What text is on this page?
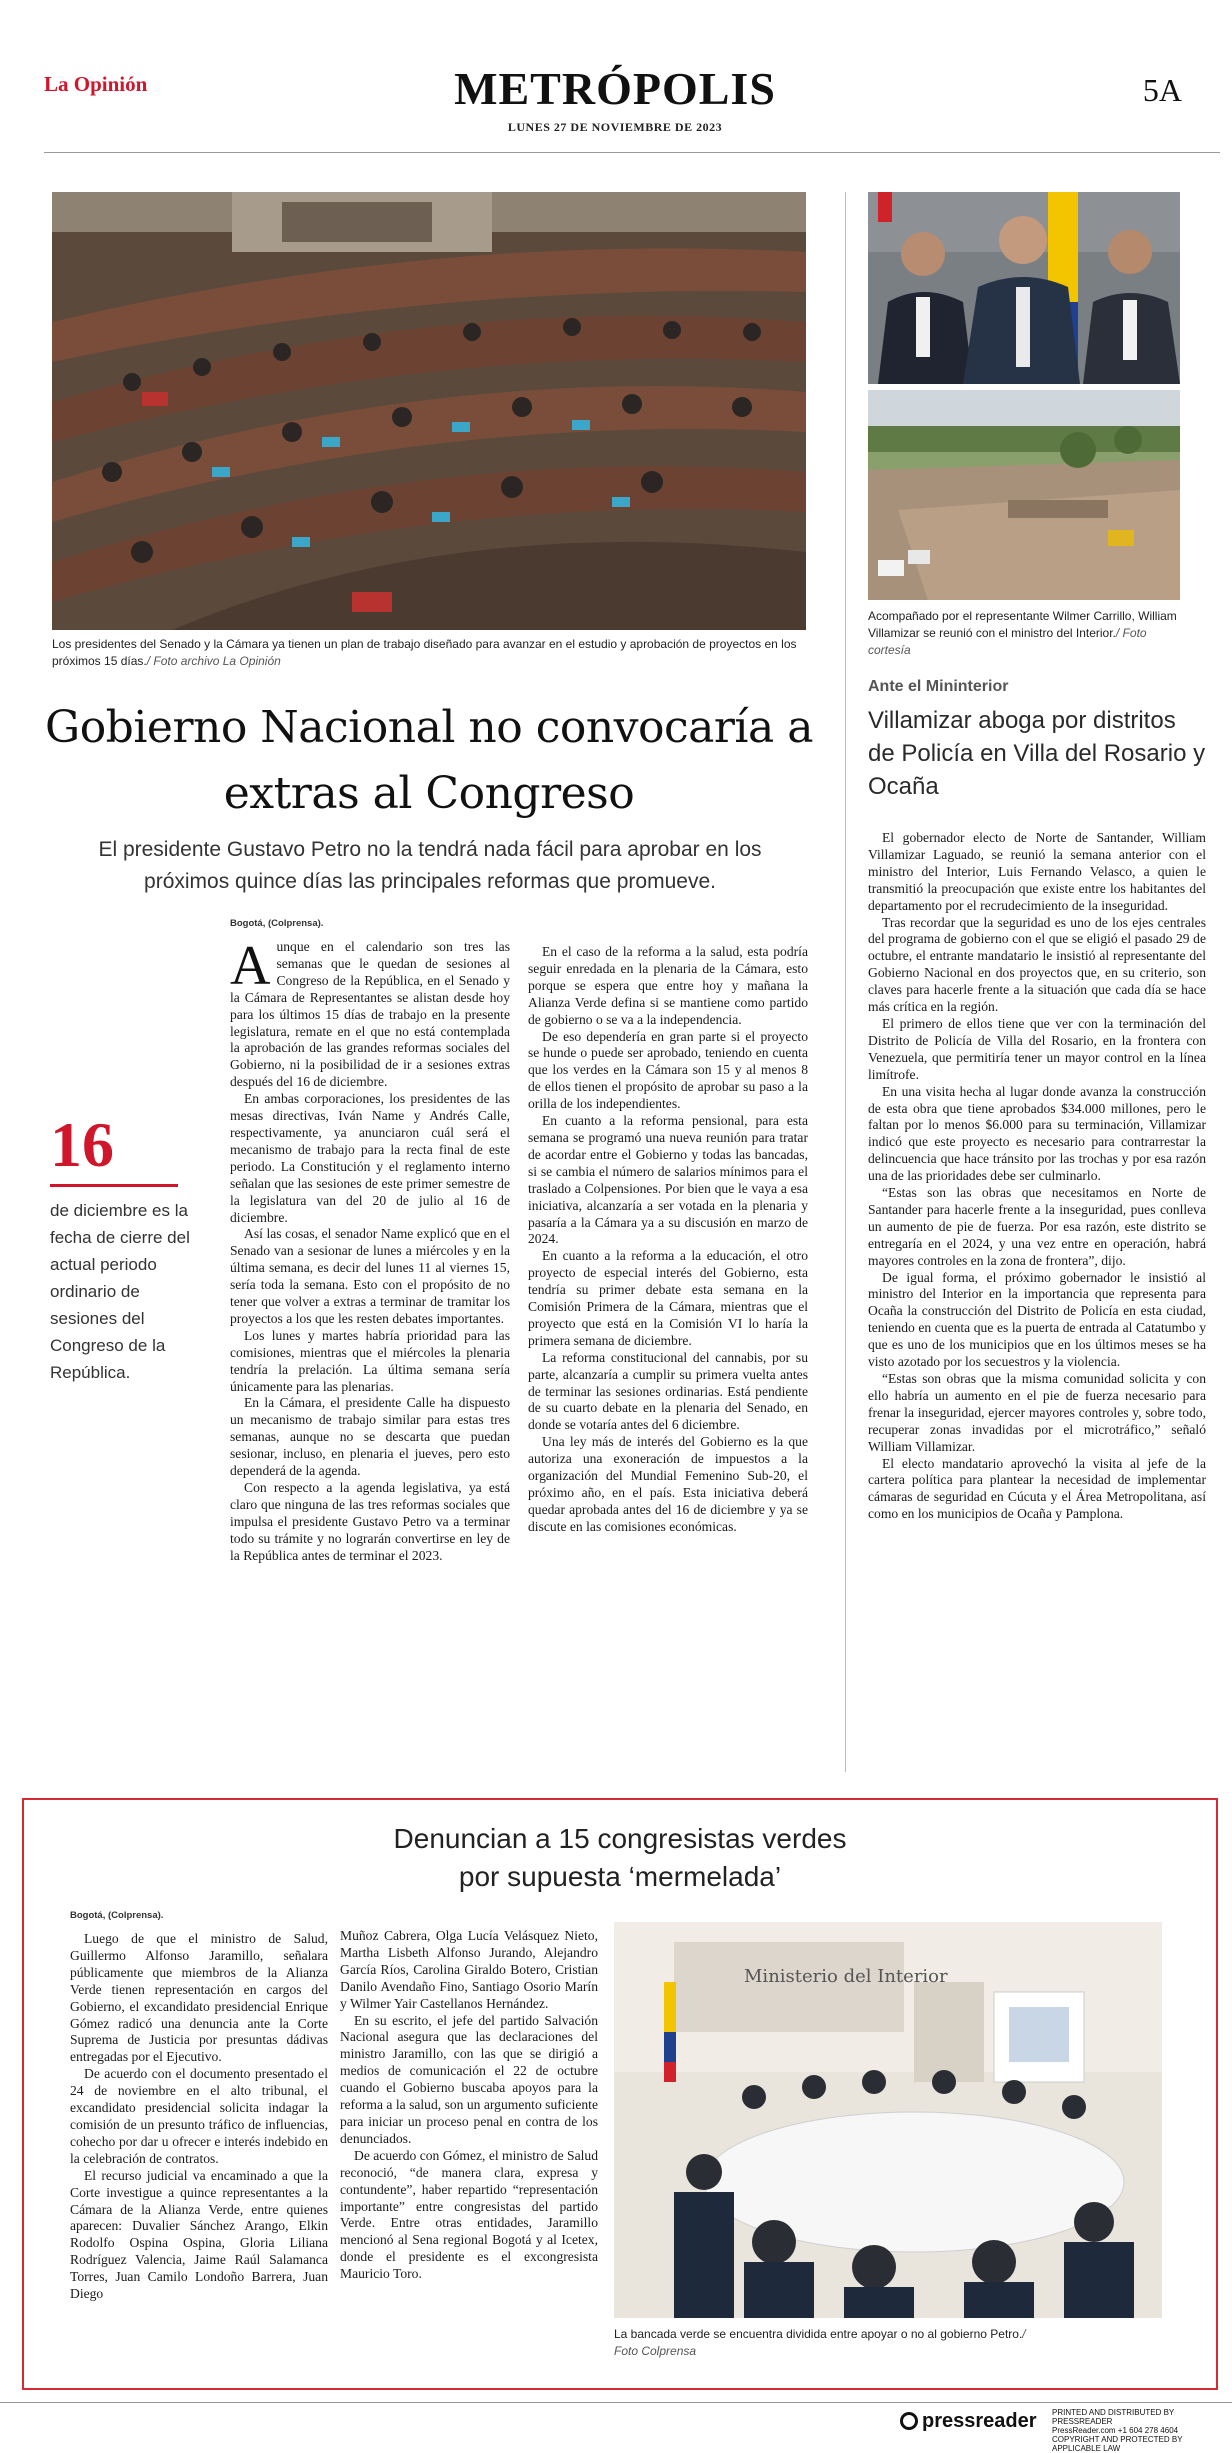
La Opinión	METRÓPOLIS
LUNES 27 DE NOVIEMBRE DE 2023
5A
Los presidentes del Senado y la Cámara ya tienen un plan de trabajo diseñado para avanzar en el estudio y aprobación de proyectos en los próximos 15 días./ Foto archivo La Opinión
Gobierno Nacional no convocaría a extras al Congreso
El presidente Gustavo Petro no la tendrá nada fácil para aprobar en los próximos quince días las principales reformas que promueve.
16
de diciembre es la fecha de cierre del actual periodo ordinario de sesiones del Congreso de la República.

Bogotá, (Colprensa).

Aunque en el calendario son tres las semanas que le quedan de sesiones al Congreso de la República, en el Senado y la Cámara de Representantes se alistan desde hoy para los últimos 15 días de trabajo en la presente legislatura, remate en el que no está contemplada la aprobación de las grandes reformas sociales del Gobierno, ni la posibilidad de ir a sesiones extras después del 16 de diciembre.

En ambas corporaciones, los presidentes de las mesas directivas, Iván Name y Andrés Calle, respectivamente, ya anunciaron cuál será el mecanismo de trabajo para la recta final de este periodo. La Constitución y el reglamento interno señalan que las sesiones de este primer semestre de la legislatura van del 20 de julio al 16 de diciembre.

Así las cosas, el senador Name explicó que en el Senado van a sesionar de lunes a miércoles y en la última semana, es decir del lunes 11 al viernes 15, sería toda la semana. Esto con el propósito de no tener que volver a extras a terminar de tramitar los proyectos a los que les resten debates importantes.

Los lunes y martes habría prioridad para las comisiones, mientras que el miércoles la plenaria tendría la prelación. La última semana sería únicamente para las plenarias.

En la Cámara, el presidente Calle ha dispuesto un mecanismo de trabajo similar para estas tres semanas, aunque no se descarta que puedan sesionar, incluso, en plenaria el jueves, pero esto dependerá de la agenda.

Con respecto a la agenda legislativa, ya está claro que ninguna de las tres reformas sociales que impulsa el presidente Gustavo Petro va a terminar todo su trámite y no lograrán convertirse en ley de la República antes de terminar el 2023.

En el caso de la reforma a la salud, esta podría seguir enredada en la plenaria de la Cámara, esto porque se espera que entre hoy y mañana la Alianza Verde defina si se mantiene como partido de gobierno o se va a la independencia.

De eso dependería en gran parte si el proyecto se hunde o puede ser aprobado, teniendo en cuenta que los verdes en la Cámara son 15 y al menos 8 de ellos tienen el propósito de aprobar su paso a la orilla de los independientes.

En cuanto a la reforma pensional, para esta semana se programó una nueva reunión para tratar de acordar entre el Gobierno y todas las bancadas, si se cambia el número de salarios mínimos para el traslado a Colpensiones. Por bien que le vaya a esa iniciativa, alcanzaría a ser votada en la plenaria y pasaría a la Cámara ya a su discusión en marzo de 2024.

En cuanto a la reforma a la educación, el otro proyecto de especial interés del Gobierno, esta tendría su primer debate esta semana en la Comisión Primera de la Cámara, mientras que el proyecto que está en la Comisión VI lo haría la primera semana de diciembre.

La reforma constitucional del cannabis, por su parte, alcanzaría a cumplir su primera vuelta antes de terminar las sesiones ordinarias. Está pendiente de su cuarto debate en la plenaria del Senado, en donde se votaría antes del 6 diciembre.

Una ley más de interés del Gobierno es la que autoriza una exoneración de impuestos a la organización del Mundial Femenino Sub-20, el próximo año, en el país. Esta iniciativa deberá quedar aprobada antes del 16 de diciembre y ya se discute en las comisiones económicas.

Acompañado por el representante Wilmer Carrillo, William Villamizar se reunió con el ministro del Interior./ Foto cortesía
Ante el Mininterior
Villamizar aboga por distritos de Policía en Villa del Rosario y Ocaña

El gobernador electo de Norte de Santander, William Villamizar Laguado, se reunió la semana anterior con el ministro del Interior, Luis Fernando Velasco, a quien le transmitió la preocupación que existe entre los habitantes del departamento por el recrudecimiento de la inseguridad.

Tras recordar que la seguridad es uno de los ejes centrales del programa de gobierno con el que se eligió el pasado 29 de octubre, el entrante mandatario le insistió al representante del Gobierno Nacional en dos proyectos que, en su criterio, son claves para hacerle frente a la situación que cada día se hace más crítica en la región.

El primero de ellos tiene que ver con la terminación del Distrito de Policía de Villa del Rosario, en la frontera con Venezuela, que permitiría tener un mayor control en la línea limítrofe.

En una visita hecha al lugar donde avanza la construcción de esta obra que tiene aprobados $34.000 millones, pero le faltan por lo menos $6.000 para su terminación, Villamizar indicó que este proyecto es necesario para contrarrestar la delincuencia que hace tránsito por las trochas y por esa razón una de las prioridades debe ser culminarlo.

“Estas son las obras que necesitamos en Norte de Santander para hacerle frente a la inseguridad, pues conlleva un aumento de pie de fuerza. Por esa razón, este distrito se entregaría en el 2024, y una vez entre en operación, habrá mayores controles en la zona de frontera”, dijo.

De igual forma, el próximo gobernador le insistió al ministro del Interior en la importancia que representa para Ocaña la construcción del Distrito de Policía en esta ciudad, teniendo en cuenta que es la puerta de entrada al Catatumbo y que es uno de los municipios que en los últimos meses se ha visto azotado por los secuestros y la violencia.

“Estas son obras que la misma comunidad solicita y con ello habría un aumento en el pie de fuerza necesario para frenar la inseguridad, ejercer mayores controles y, sobre todo, recuperar zonas invadidas por el microtráfico,” señaló William Villamizar.

El electo mandatario aprovechó la visita al jefe de la cartera política para plantear la necesidad de implementar cámaras de seguridad en Cúcuta y el Área Metropolitana, así como en los municipios de Ocaña y Pamplona.

Denuncian a 15 congresistas verdes
por supuesta ‘mermelada’

Bogotá, (Colprensa).

Luego de que el ministro de Salud, Guillermo Alfonso Jaramillo, señalara públicamente que miembros de la Alianza Verde tienen representación en cargos del Gobierno, el excandidato presidencial Enrique Gómez radicó una denuncia ante la Corte Suprema de Justicia por presuntas dádivas entregadas por el Ejecutivo.

De acuerdo con el documento presentado el 24 de noviembre en el alto tribunal, el excandidato presidencial solicita indagar la comisión de un presunto tráfico de influencias, cohecho por dar u ofrecer e interés indebido en la celebración de contratos.

El recurso judicial va encaminado a que la Corte investigue a quince representantes a la Cámara de la Alianza Verde, entre quienes aparecen: Duvalier Sánchez Arango, Elkin Rodolfo Ospina Ospina, Gloria Liliana Rodríguez Valencia, Jaime Raúl Salamanca Torres, Juan Camilo Londoño Barrera, Juan Diego

Muñoz Cabrera, Olga Lucía Velásquez Nieto, Martha Lisbeth Alfonso Jurando, Alejandro García Ríos, Carolina Giraldo Botero, Cristian Danilo Avendaño Fino, Santiago Osorio Marín y Wilmer Yair Castellanos Hernández.

En su escrito, el jefe del partido Salvación Nacional asegura que las declaraciones del ministro Jaramillo, con las que se dirigió a medios de comunicación el 22 de octubre cuando el Gobierno buscaba apoyos para la reforma a la salud, son un argumento suficiente para iniciar un proceso penal en contra de los denunciados.

De acuerdo con Gómez, el ministro de Salud reconoció, “de manera clara, expresa y contundente”, haber repartido “representación importante” entre congresistas del partido Verde. Entre otras entidades, Jaramillo mencionó al Sena regional Bogotá y al Icetex, donde el presidente es el excongresista Mauricio Toro.

Ministerio del Interior
La bancada verde se encuentra dividida entre apoyar o no al gobierno Petro./ Foto Colprensa
pressreader PRINTED AND DISTRIBUTED BY PRESSREADER
PressReader.com +1 604 278 4604
COPYRIGHT AND PROTECTED BY APPLICABLE LAW
